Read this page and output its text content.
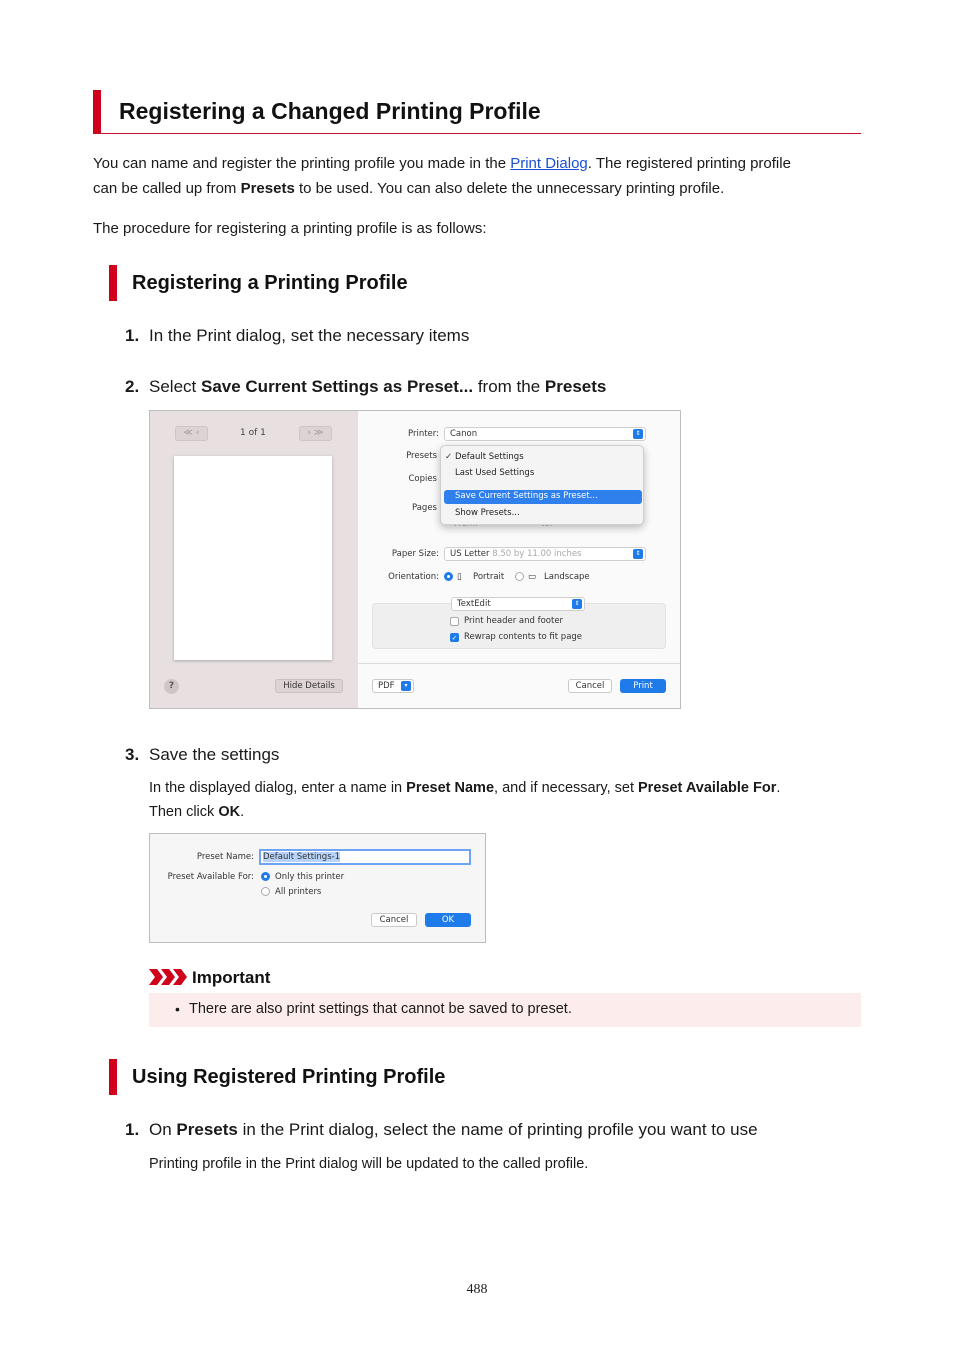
Registering a Changed Printing Profile
You can name and register the printing profile you made in the Print Dialog. The registered printing profile
can be called up from Presets to be used. You can also delete the unnecessary printing profile.
The procedure for registering a printing profile is as follows:
Registering a Printing Profile
1. In the Print dialog, set the necessary items
2. Select Save Current Settings as Preset... from the Presets
≪ ‹	1 of 1	› ≫
?	Hide Details
Printer:	Canon	⇕
Presets
Copies
Pages
✓ Default Settings
Last Used Settings
Save Current Settings as Preset...
Show Presets...
Paper Size:	US Letter 8.50 by 11.00 inches	⇕
Orientation: ▯ Portrait	▭ Landscape
TextEdit	⇕
Print header and footer
✓ Rewrap contents to fit page
PDF	▾	Cancel	Print
3. Save the settings
In the displayed dialog, enter a name in Preset Name, and if necessary, set Preset Available For.
Then click OK.
Preset Name:	Default Settings-1
Preset Available For: Only this printer
All printers
Cancel	OK
Important
• There are also print settings that cannot be saved to preset.
Using Registered Printing Profile
1. On Presets in the Print dialog, select the name of printing profile you want to use
Printing profile in the Print dialog will be updated to the called profile.
488
